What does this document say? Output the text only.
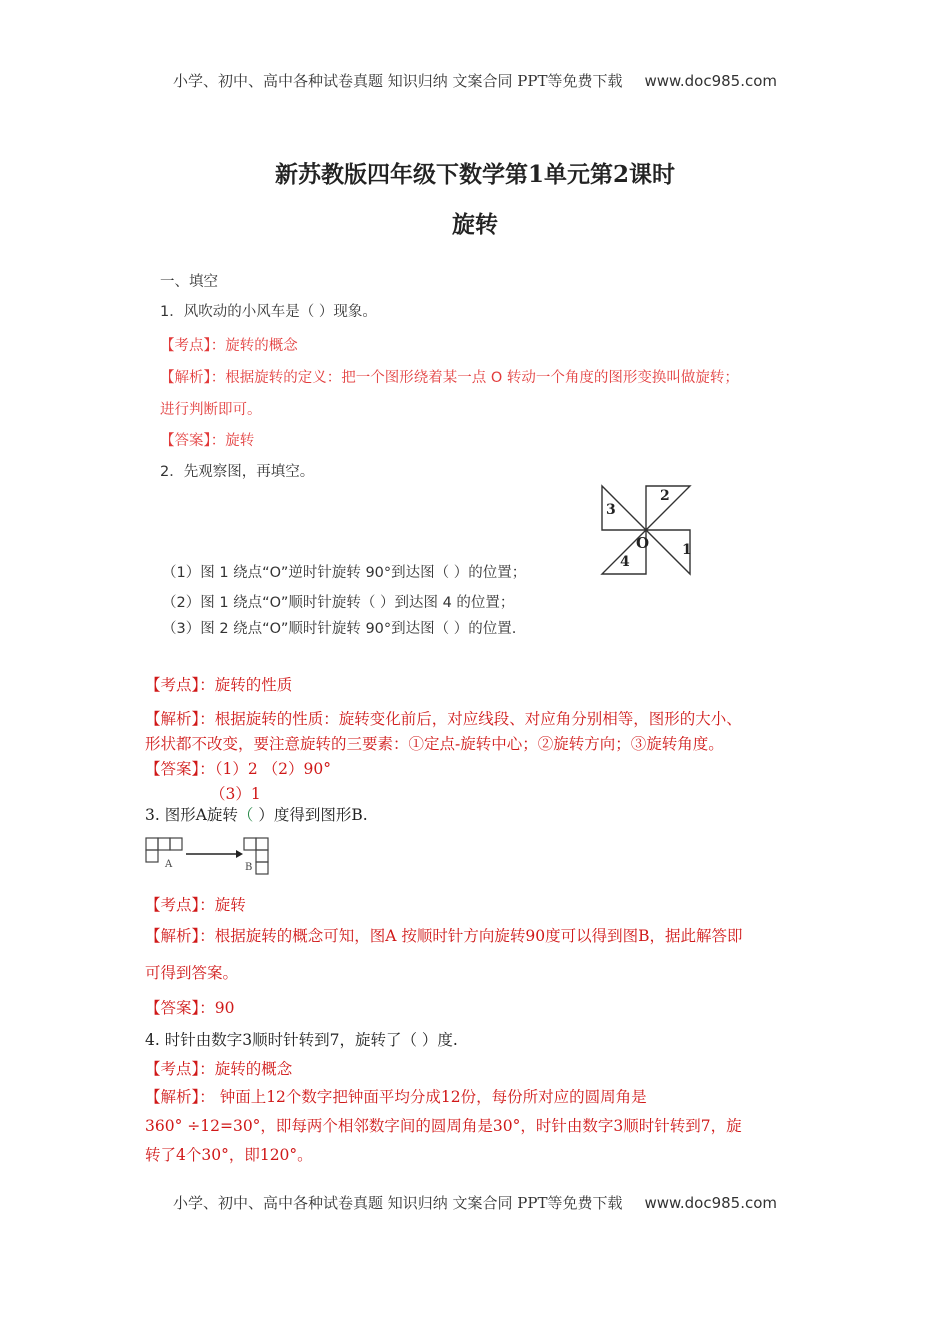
小学、初中、高中各种试卷真题 知识归纳 文案合同 PPT等免费下载 www.doc985.com
新苏教版四年级下数学第1单元第2课时
旋转
一、填空
1．风吹动的小风车是（ ）现象。
【考点】：旋转的概念
【解析】：根据旋转的定义：把一个图形绕着某一点 O 转动一个角度的图形变换叫做旋转；
进行判断即可。
【答案】：旋转
2．先观察图，再填空。
1
2
3
4
O
（1）图 1 绕点“O”逆时针旋转 90°到达图（ ）的位置；
（2）图 1 绕点“O”顺时针旋转（ ）到达图 4 的位置；
（3）图 2 绕点“O”顺时针旋转 90°到达图（ ）的位置.
【考点】：旋转的性质
【解析】：根据旋转的性质：旋转变化前后，对应线段、对应角分别相等，图形的大小、
形状都不改变，要注意旋转的三要素：①定点-旋转中心；②旋转方向；③旋转角度。
【答案】：（1）2 （2）90°
（3）1
3. 图形A旋转（ ）度得到图形B.
A	B
【考点】：旋转
【解析】：根据旋转的概念可知，图A 按顺时针方向旋转90度可以得到图B，据此解答即
可得到答案。
【答案】：90
4. 时针由数字3顺时针转到7，旋转了（ ）度.
【考点】：旋转的概念
【解析】： 钟面上12个数字把钟面平均分成12份，每份所对应的圆周角是
360° ÷12=30°，即每两个相邻数字间的圆周角是30°，时针由数字3顺时针转到7，旋
转了4个30°，即120°。
小学、初中、高中各种试卷真题 知识归纳 文案合同 PPT等免费下载 www.doc985.com
